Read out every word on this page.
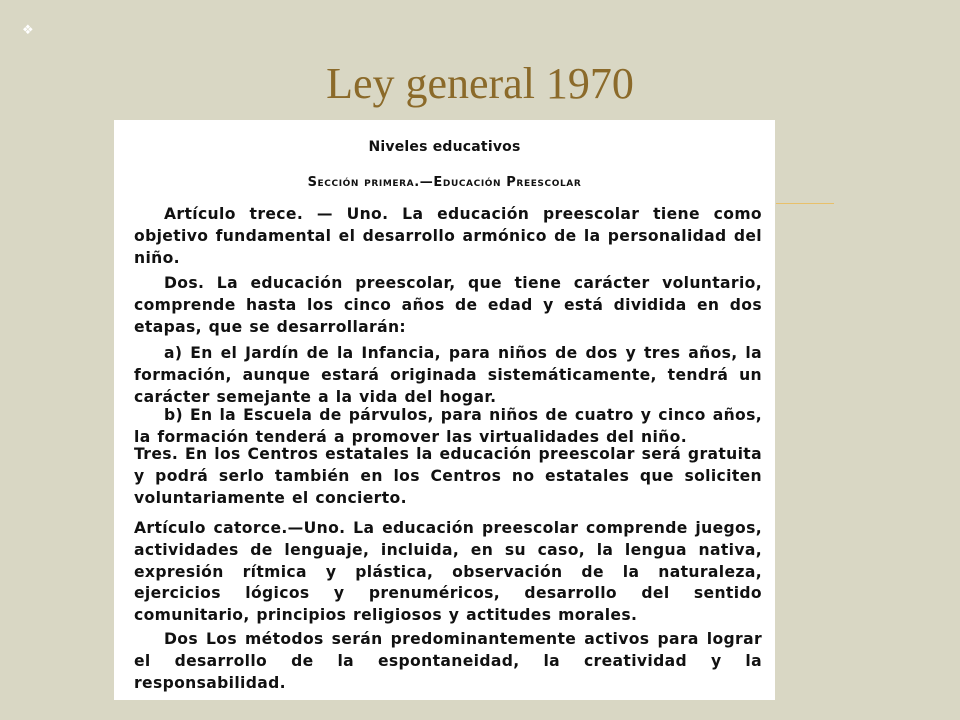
❖
Ley general 1970
Niveles educativos
Sección primera.—Educación Preescolar
Artículo trece. — Uno. La educación preescolar tiene como objetivo fundamental el desarrollo armónico de la personalidad del niño.
Dos. La educación preescolar, que tiene carácter voluntario, comprende hasta los cinco años de edad y está dividida en dos etapas, que se desarrollarán:
a) En el Jardín de la Infancia, para niños de dos y tres años, la formación, aunque estará originada sistemáticamente, tendrá un carácter semejante a la vida del hogar.
b) En la Escuela de párvulos, para niños de cuatro y cinco años, la formación tenderá a promover las virtualidades del niño.
Tres. En los Centros estatales la educación preescolar será gratuita y podrá serlo también en los Centros no estatales que soliciten voluntariamente el concierto.
Artículo catorce.—Uno. La educación preescolar comprende juegos, actividades de lenguaje, incluida, en su caso, la lengua nativa, expresión rítmica y plástica, observación de la naturaleza, ejercicios lógicos y prenuméricos, desarrollo del sentido comunitario, principios religiosos y actitudes morales.
Dos Los métodos serán predominantemente activos para lograr el desarrollo de la espontaneidad, la creatividad y la responsabilidad.
